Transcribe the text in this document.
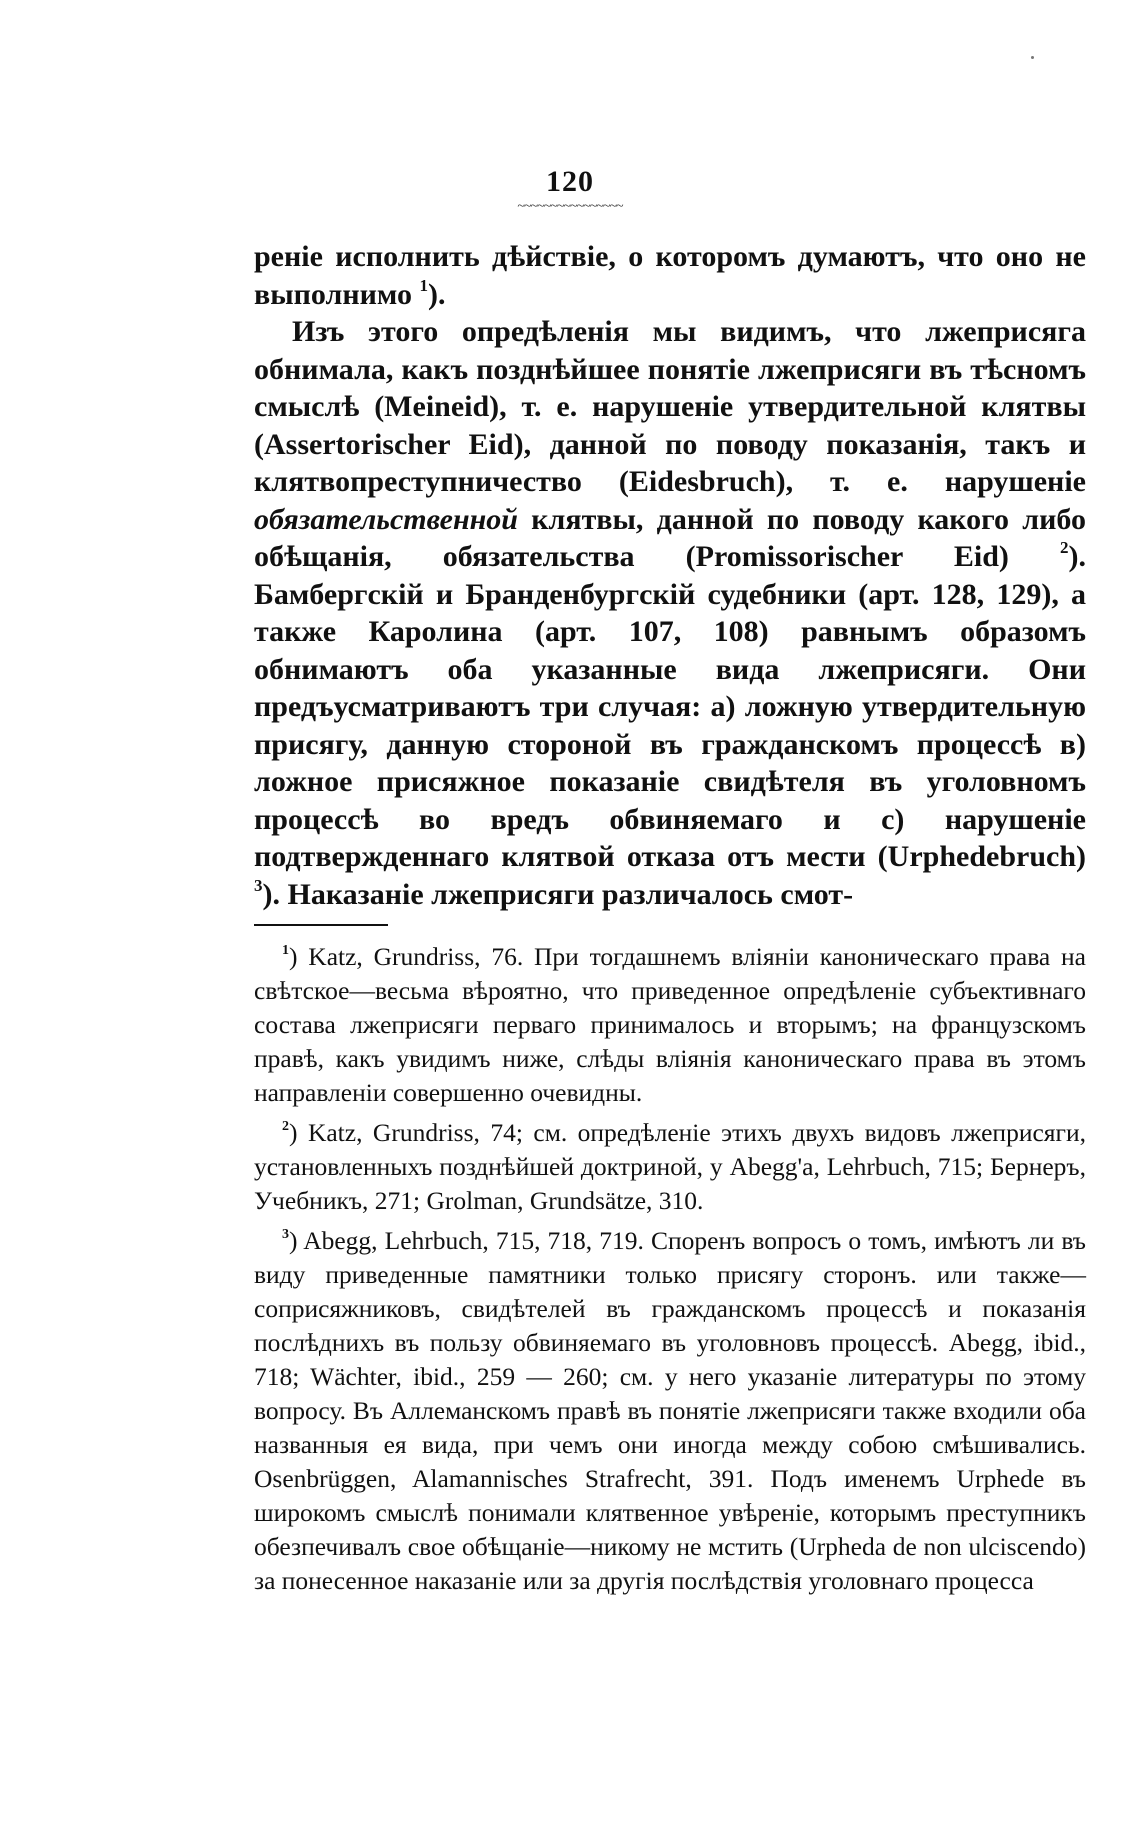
120
~~~~~~~~~~~~~~~~

реніе исполнить дѣйствіе, о которомъ думаютъ, что оно не выполнимо $^1$).

Изъ этого опредѣленія мы видимъ, что лжеприсяга обнимала, какъ позднѣйшее понятіе лжеприсяги въ тѣсномъ смыслѣ (Meineid), т. е. нарушеніе утвердительной клятвы (Assertorischer Eid), данной по поводу показанія, такъ и клятвопреступничество (Eidesbruch), т. е. нарушеніе обязательственной клятвы, данной по поводу какого либо обѣщанія, обязательства (Promissorischer Eid) $^2$). Бамбергскій и Бранденбургскій судебники (арт. 128, 129), а также Каролина (арт. 107, 108) равнымъ образомъ обнимаютъ оба указанные вида лжеприсяги. Они предъусматриваютъ три случая: a) ложную утвердительную присягу, данную стороной въ гражданскомъ процессѣ в) ложное присяжное показаніе свидѣтеля въ уголовномъ процессѣ во вредъ обвиняемаго и c) нарушеніе подтвержденнаго клятвой отказа отъ мести (Urphedebruch) $^3$). Наказаніе лжеприсяги различалось смот-

$^1$) Katz, Grundriss, 76. При тогдашнемъ вліяніи каноническаго права на свѣтское—весьма вѣроятно, что приведенное опредѣленіе субъективнаго состава лжеприсяги перваго принималось и вторымъ; на французскомъ правѣ, какъ увидимъ ниже, слѣды вліянія каноническаго права въ этомъ направленіи совершенно очевидны.

$^2$) Katz, Grundriss, 74; см. опредѣленіе этихъ двухъ видовъ лжеприсяги, установленныхъ позднѣйшей доктриной, у Abegg'a, Lehrbuch, 715; Бернеръ, Учебникъ, 271; Grolman, Grundsätze, 310.

$^3$) Abegg, Lehrbuch, 715, 718, 719. Споренъ вопросъ о томъ, имѣютъ ли въ виду приведенные памятники только присягу сторонъ. или также—соприсяжниковъ, свидѣтелей въ гражданскомъ процессѣ и показанія послѣднихъ въ пользу обвиняемаго въ уголовновъ процессѣ. Abegg, ibid., 718; Wächter, ibid., 259 — 260; см. у него указаніе литературы по этому вопросу. Въ Аллеманскомъ правѣ въ понятіе лжеприсяги также входили оба названныя ея вида, при чемъ они иногда между собою смѣшивались. Osenbrüggen, Alamannisches Strafrecht, 391. Подъ именемъ Urphede въ широкомъ смыслѣ понимали клятвенное увѣреніе, которымъ преступникъ обезпечивалъ свое обѣщаніе—никому не мстить (Urpheda de non ulciscendo) за понесенное наказаніе или за другія послѣдствія уголовнаго процесса
